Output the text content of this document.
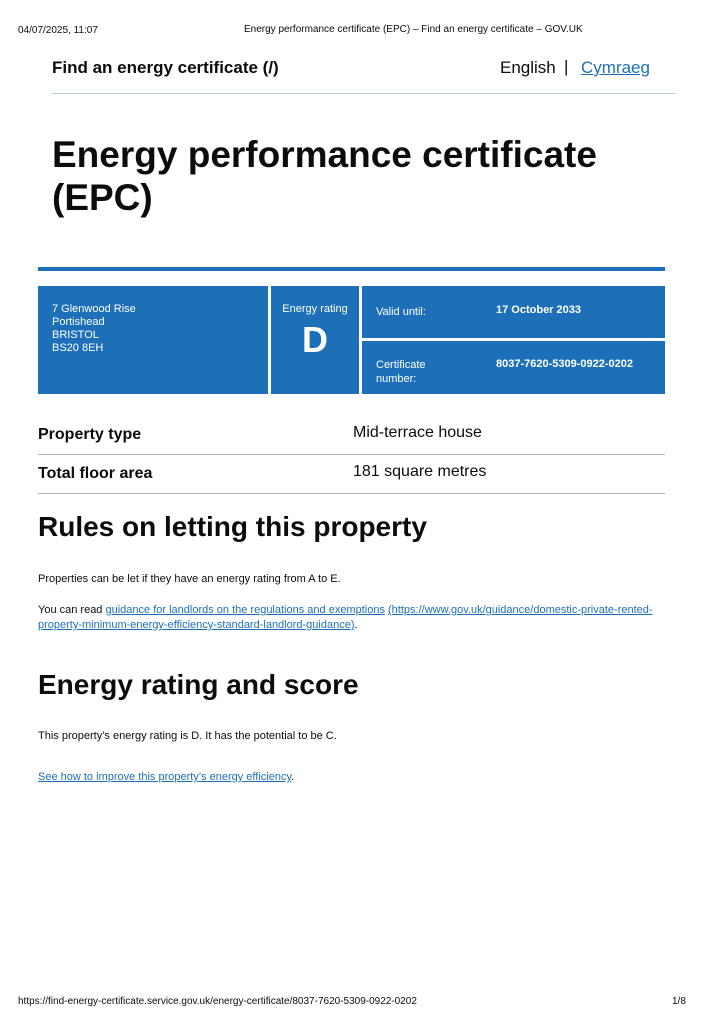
04/07/2025, 11:07	Energy performance certificate (EPC) – Find an energy certificate – GOV.UK
Find an energy certificate (/)	English | Cymraeg
Energy performance certificate (EPC)
7 Glenwood Rise
Portishead
BRISTOL
BS20 8EH
Energy rating
D
Valid until:	17 October 2033
Certificate number:
8037-7620-5309-0922-0202
Property type	Mid-terrace house
Total floor area	181 square metres
Rules on letting this property

Properties can be let if they have an energy rating from A to E.

You can read guidance for landlords on the regulations and exemptions (https://www.gov.uk/guidance/domestic-private-rented-property-minimum-energy-efficiency-standard-landlord-guidance).

Energy rating and score

This property’s energy rating is D. It has the potential to be C.

See how to improve this property’s energy efficiency.

https://find-energy-certificate.service.gov.uk/energy-certificate/8037-7620-5309-0922-0202	1/8
